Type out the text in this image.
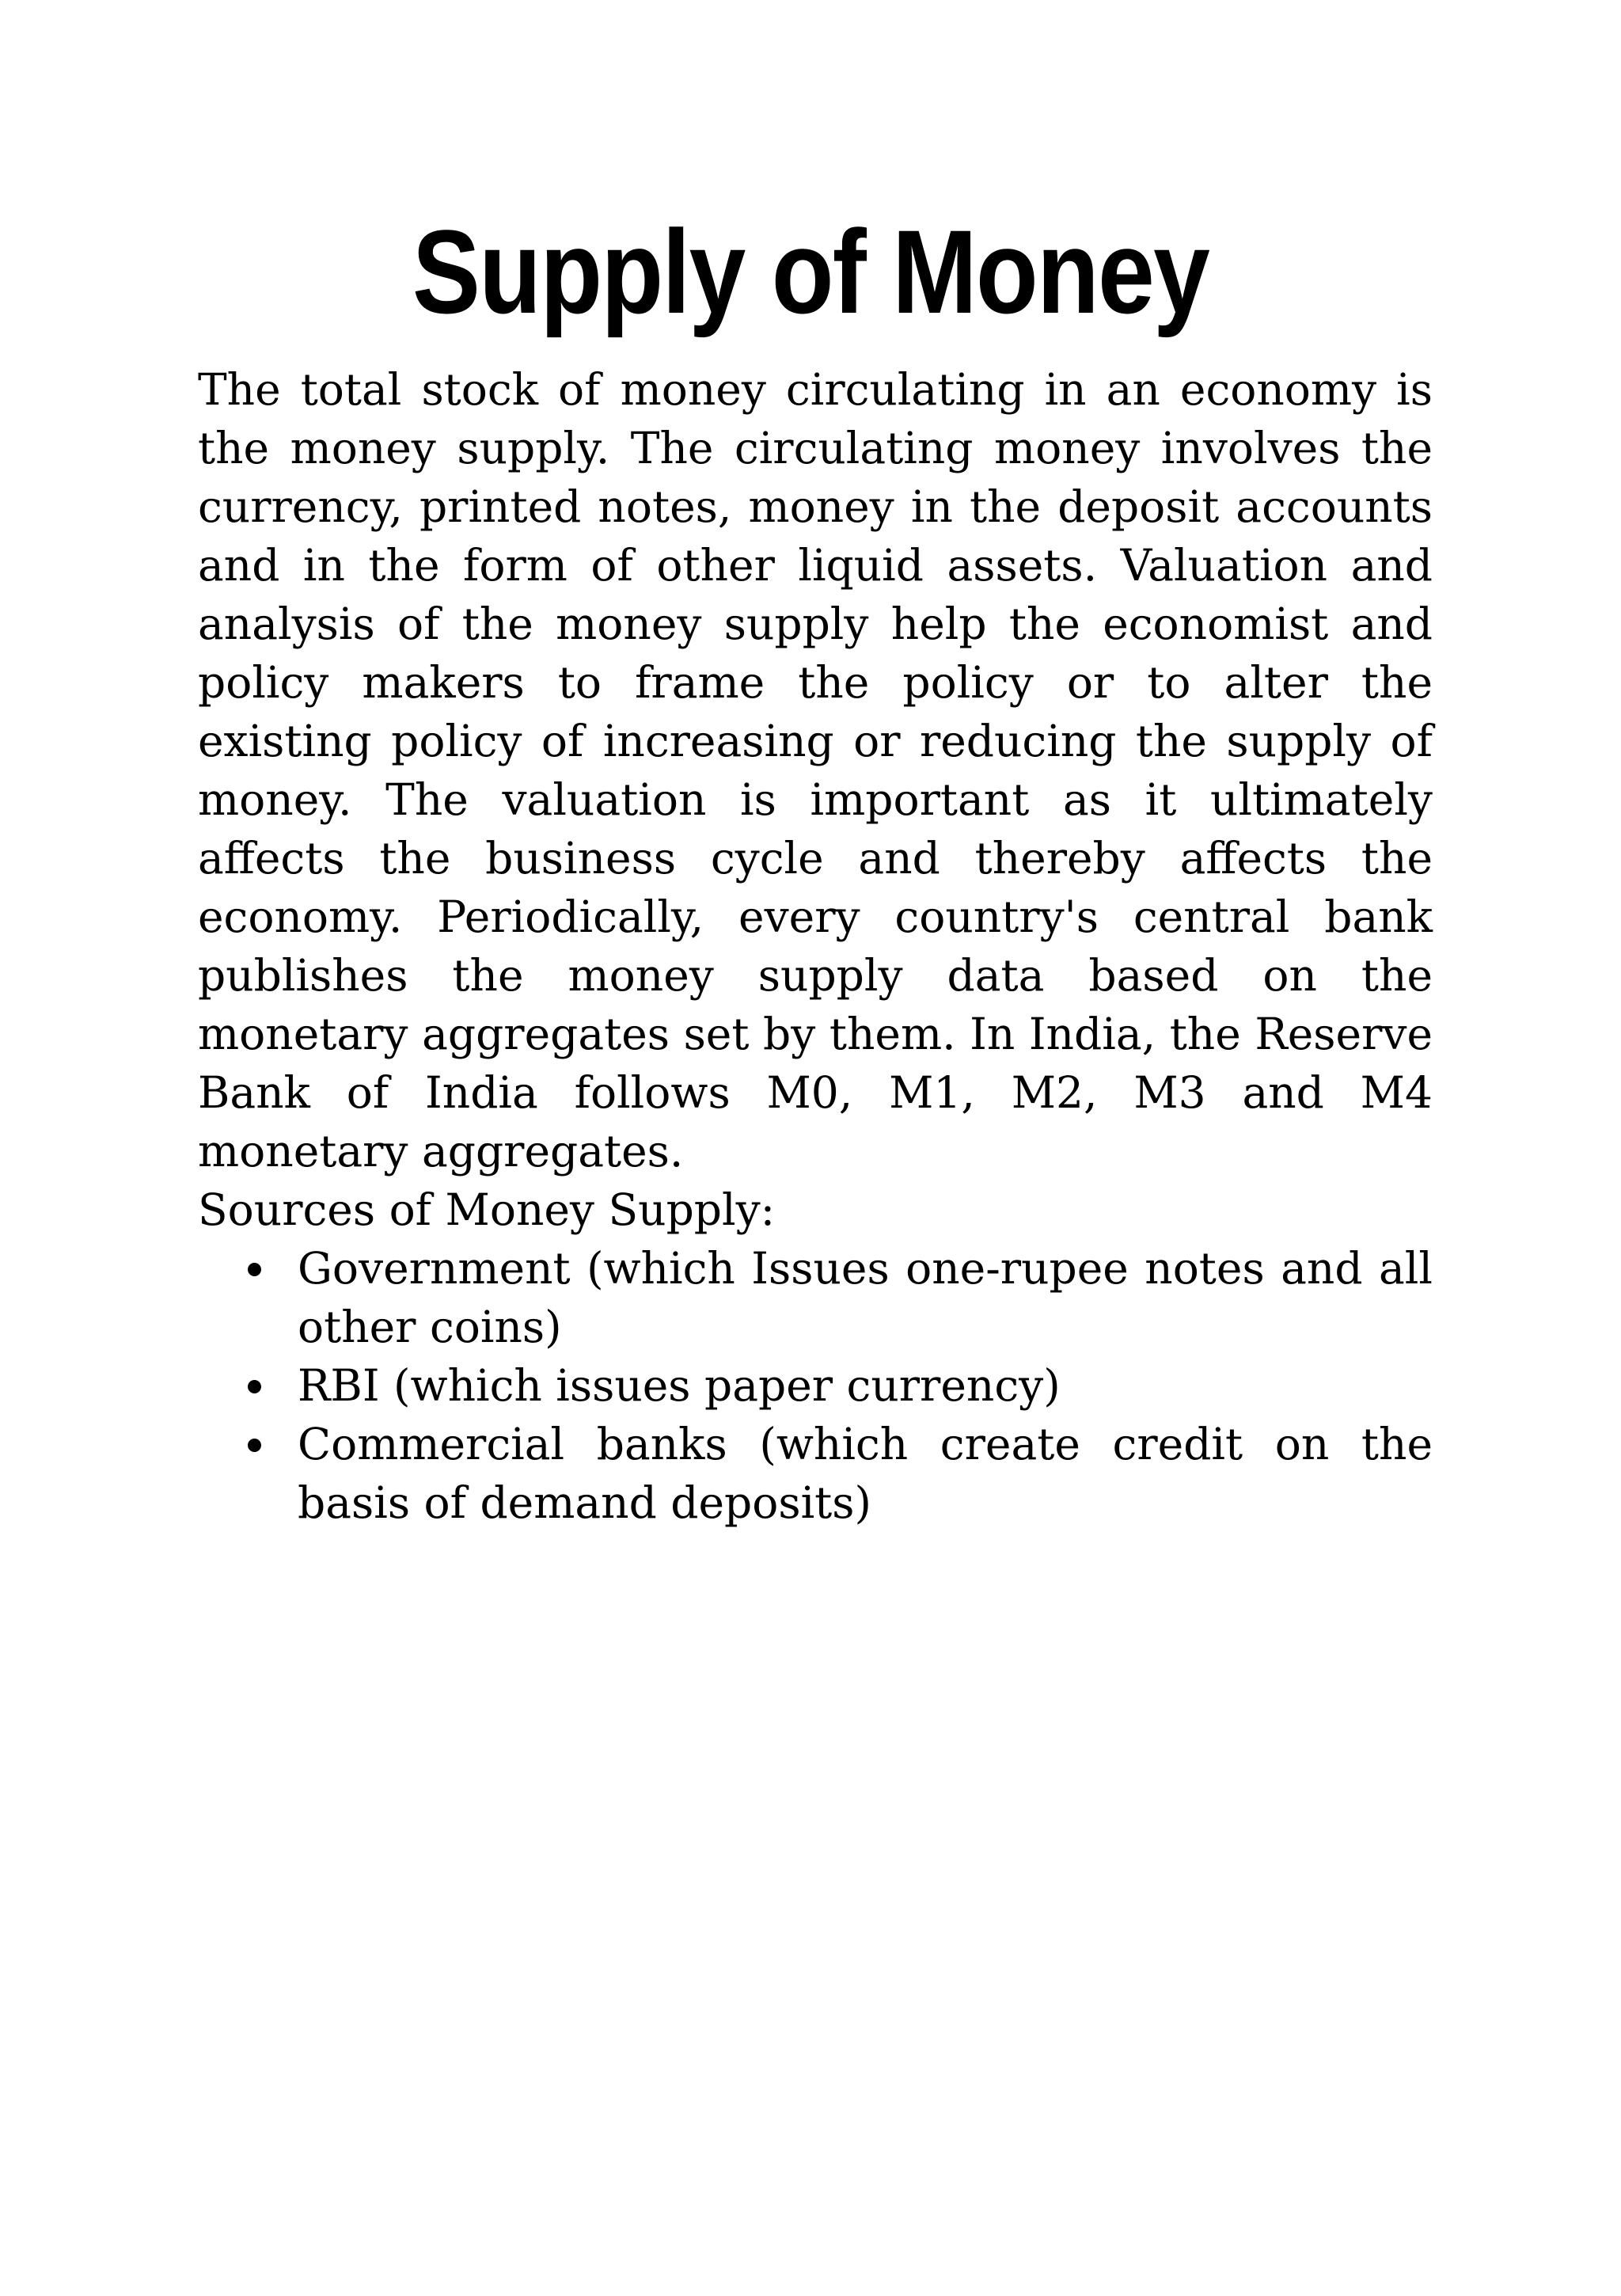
Supply of Money

The total stock of money circulating in an economy is the money supply. The circulating money involves the currency, printed notes, money in the deposit accounts and in the form of other liquid assets. Valuation and analysis of the money supply help the economist and policy makers to frame the policy or to alter the existing policy of increasing or reducing the supply of money. The valuation is important as it ultimately affects the business cycle and thereby affects the economy. Periodically, every country's central bank publishes the money supply data based on the monetary aggregates set by them. In India, the Reserve Bank of India follows M0, M1, M2, M3 and M4 monetary aggregates.

Sources of Money Supply:

Government (which Issues one-rupee notes and all other coins)
RBI (which issues paper currency)
Commercial banks (which create credit on the basis of demand deposits)
